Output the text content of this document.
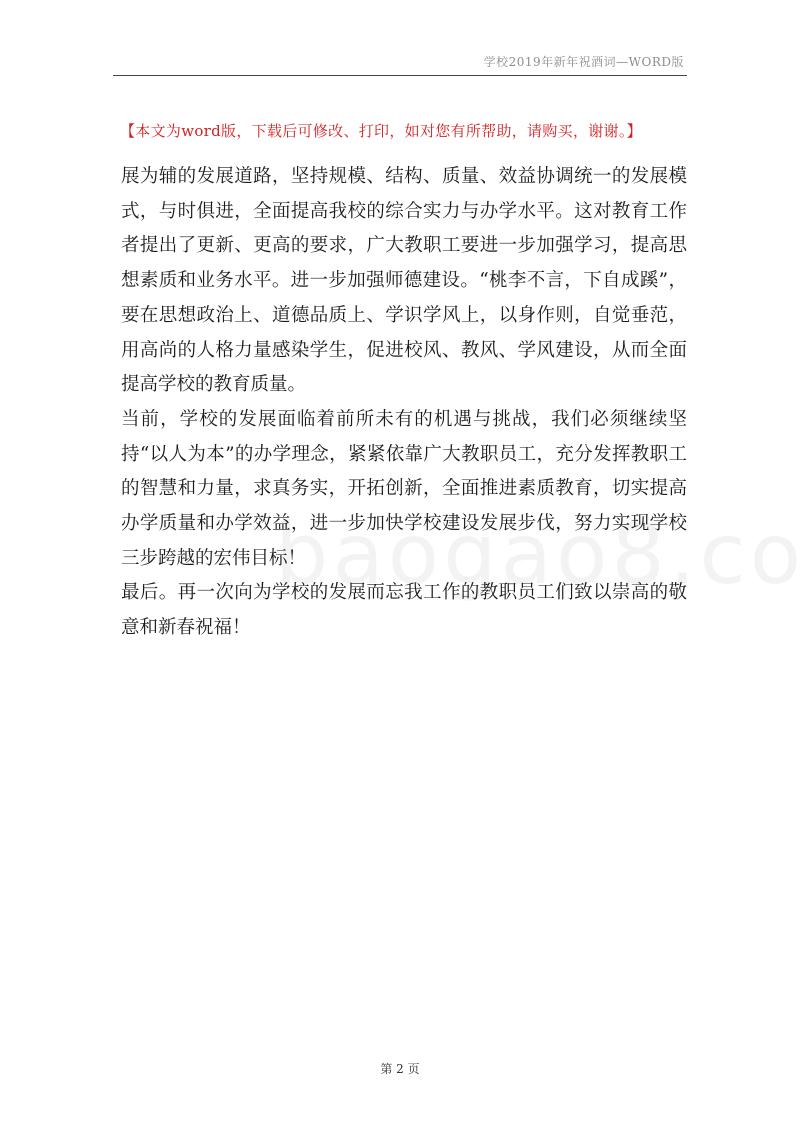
学校2019年新年祝酒词—WORD版
【本文为word版，下载后可修改、打印，如对您有所帮助，请购买，谢谢。】

展为辅的发展道路，坚持规模、结构、质量、效益协调统一的发展模式，与时俱进，全面提高我校的综合实力与办学水平。这对教育工作者提出了更新、更高的要求，广大教职工要进一步加强学习，提高思想素质和业务水平。进一步加强师德建设。“桃李不言，下自成蹊”，要在思想政治上、道德品质上、学识学风上，以身作则，自觉垂范，用高尚的人格力量感染学生，促进校风、教风、学风建设，从而全面提高学校的教育质量。

当前，学校的发展面临着前所未有的机遇与挑战，我们必须继续坚持“以人为本”的办学理念，紧紧依靠广大教职员工，充分发挥教职工的智慧和力量，求真务实，开拓创新，全面推进素质教育，切实提高办学质量和办学效益，进一步加快学校建设发展步伐，努力实现学校三步跨越的宏伟目标！

最后。再一次向为学校的发展而忘我工作的教职员工们致以崇高的敬意和新春祝福！

第 2 页
